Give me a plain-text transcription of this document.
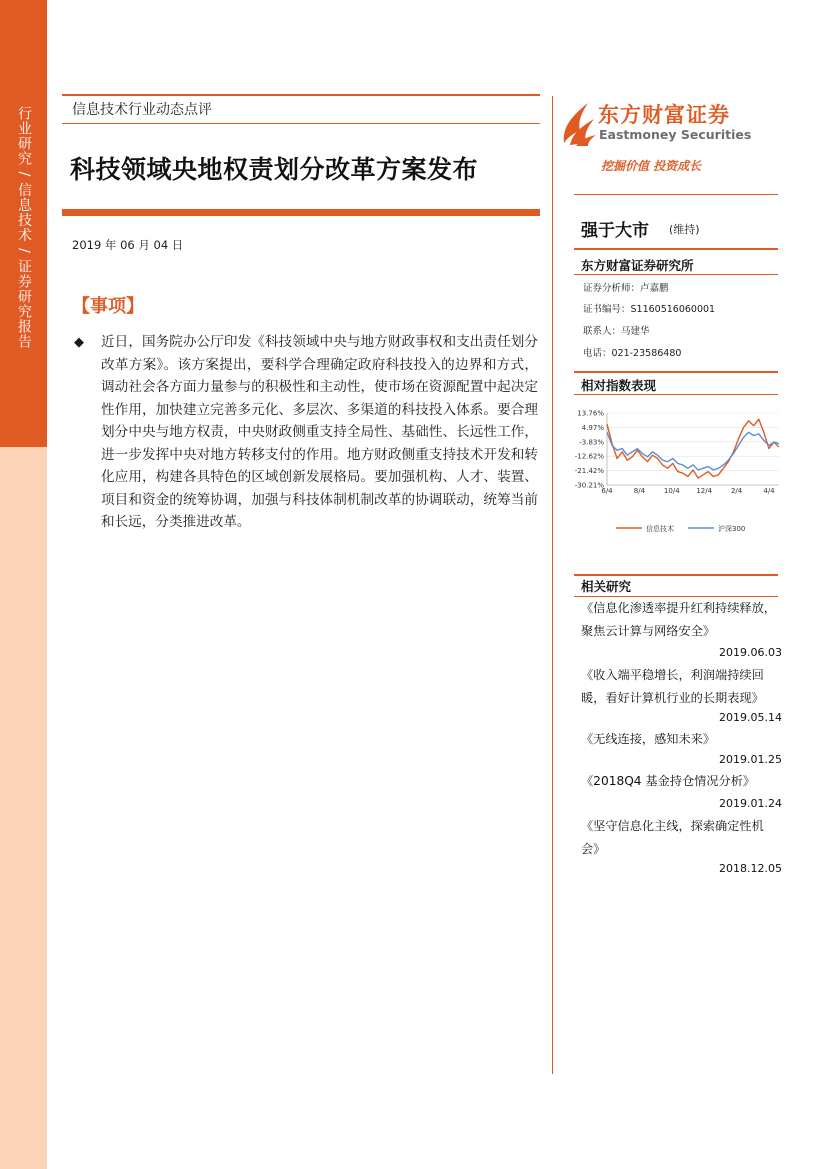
行业研究 / 信息技术 / 证券研究报告	信息技术行业动态点评
科技领域央地权责划分改革方案发布
2019 年 06 月 04 日
【事项】
◆ 近日，国务院办公厅印发《科技领域中央与地方财政事权和支出责任划分改革方案》。该方案提出，要科学合理确定政府科技投入的边界和方式，调动社会各方面力量参与的积极性和主动性，使市场在资源配置中起决定性作用，加快建立完善多元化、多层次、多渠道的科技投入体系。要合理划分中央与地方权责，中央财政侧重支持全局性、基础性、长远性工作，进一步发挥中央对地方转移支付的作用。地方财政侧重支持技术开发和转化应用，构建各具特色的区域创新发展格局。要加强机构、人才、装置、项目和资金的统筹协调，加强与科技体制机制改革的协调联动，统筹当前和长远，分类推进改革。
东方财富证券
Eastmoney Securities
挖掘价值 投资成长
强于大市 (维持)
东方财富证券研究所
证券分析师：卢嘉鹏
证书编号：S1160516060001
联系人：马建华
电话：021-23586480
相对指数表现
13.76%
4.97%
-3.83%
-12.62%
-21.42%
-30.21%
6/4	8/4	10/4 12/4	2/4	4/4
信息技术	沪深300
相关研究
《信息化渗透率提升红利持续释放，聚焦云计算与网络安全》
2019.06.03
《收入端平稳增长，利润端持续回暖，看好计算机行业的长期表现》
2019.05.14
《无线连接，感知未来》
2019.01.25
《2018Q4 基金持仓情况分析》
2019.01.24
《坚守信息化主线，探索确定性机会》
2018.12.05
